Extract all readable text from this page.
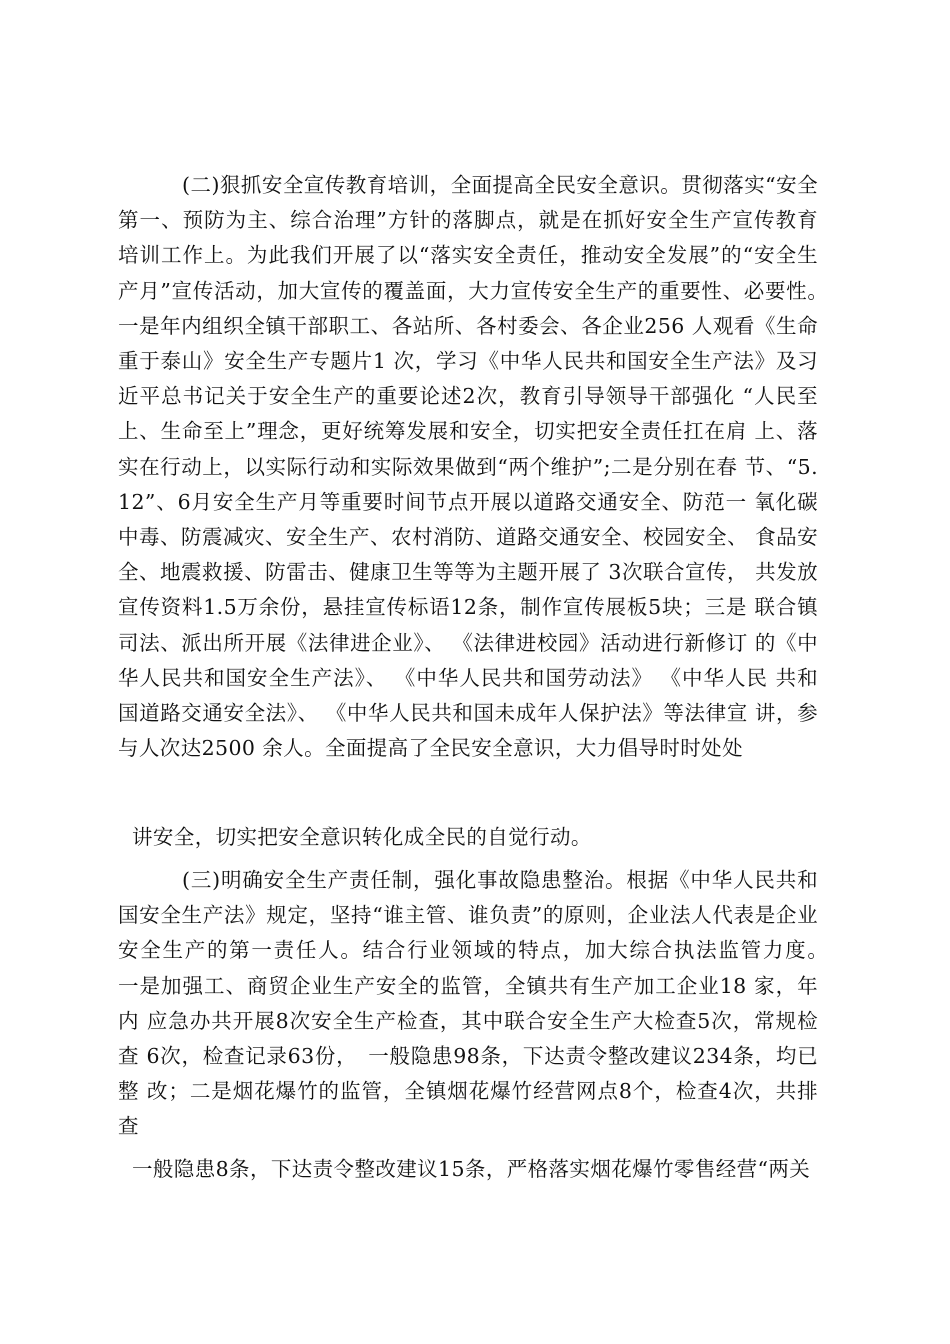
(二)狠抓安全宣传教育培训，全面提高全民安全意识。贯彻落实“安全第一、预防为主、综合治理”方针的落脚点，就是在抓好安全生产宣传教育培训工作上。为此我们开展了以“落实安全责任，推动安全发展”的“安全生产月”宣传活动，加大宣传的覆盖面，大力宣传安全生产的重要性、必要性。　一是年内组织全镇干部职工、各站所、各村委会、各企业256 人观看《生命重于泰山》安全生产专题片1 次，学习《中华人民共和国安全生产法》及习近平总书记关于安全生产的重要论述2次，教育引导领导干部强化 “人民至上、生命至上”理念，更好统筹发展和安全，切实把安全责任扛在肩 上、落实在行动上，以实际行动和实际效果做到“两个维护”;二是分别在春 节、“5.12”、6月安全生产月等重要时间节点开展以道路交通安全、防范一 氧化碳中毒、防震减灾、安全生产、农村消防、道路交通安全、校园安全、 食品安全、地震救援、防雷击、健康卫生等等为主题开展了 3次联合宣传， 共发放宣传资料1.5万余份，悬挂宣传标语12条，制作宣传展板5块；三是 联合镇司法、派出所开展《法律进企业》、 《法律进校园》活动进行新修订 的《中华人民共和国安全生产法》、 《中华人民共和国劳动法》 《中华人民 共和国道路交通安全法》、 《中华人民共和国未成年人保护法》等法律宣 讲，参与人次达2500 余人。全面提高了全民安全意识，大力倡导时时处处

讲安全，切实把安全意识转化成全民的自觉行动。

(三)明确安全生产责任制，强化事故隐患整治。根据《中华人民共和国安全生产法》规定，坚持“谁主管、谁负责”的原则，企业法人代表是企业安全生产的第一责任人。结合行业领域的特点，加大综合执法监管力度。　一是加强工、商贸企业生产安全的监管，全镇共有生产加工企业18 家，年内 应急办共开展8次安全生产检查，其中联合安全生产大检查5次，常规检查 6次，检查记录63份，　一般隐患98条，下达责令整改建议234条，均已整 改；二是烟花爆竹的监管，全镇烟花爆竹经营网点8个，检查4次，共排查

一般隐患8条，下达责令整改建议15条，严格落实烟花爆竹零售经营“两关
